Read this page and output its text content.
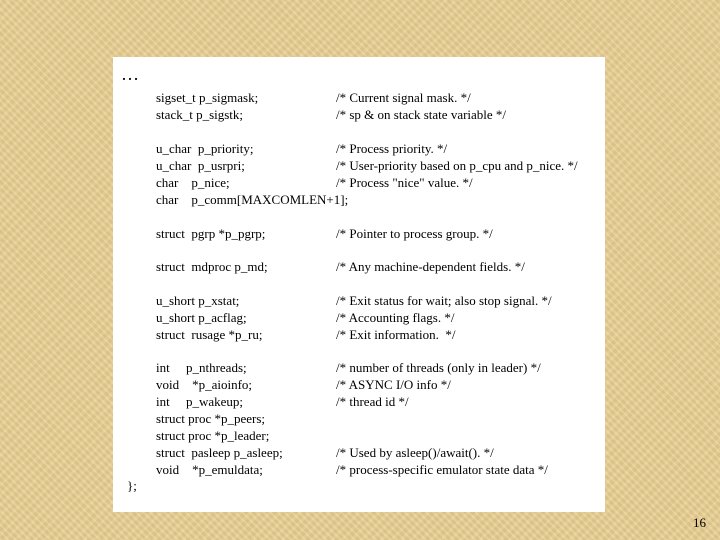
…
sigset_t p_sigmask;	/* Current signal mask. */
stack_t p_sigstk;	/* sp & on stack state variable */
u_char  p_priority;	/* Process priority. */
u_char  p_usrpri;	/* User-priority based on p_cpu and p_nice. */
char    p_nice;	/* Process "nice" value. */
char    p_comm[MAXCOMLEN+1];
struct  pgrp *p_pgrp;	/* Pointer to process group. */
struct  mdproc p_md;	/* Any machine-dependent fields. */
u_short p_xstat;	/* Exit status for wait; also stop signal. */
u_short p_acflag;	/* Accounting flags. */
struct  rusage *p_ru;	/* Exit information.  */
int     p_nthreads;	/* number of threads (only in leader) */
void    *p_aioinfo;	/* ASYNC I/O info */
int     p_wakeup;	/* thread id */
struct proc *p_peers;
struct proc *p_leader;
struct  pasleep p_asleep;	/* Used by asleep()/await(). */
void    *p_emuldata;	/* process-specific emulator state data */
};
16
